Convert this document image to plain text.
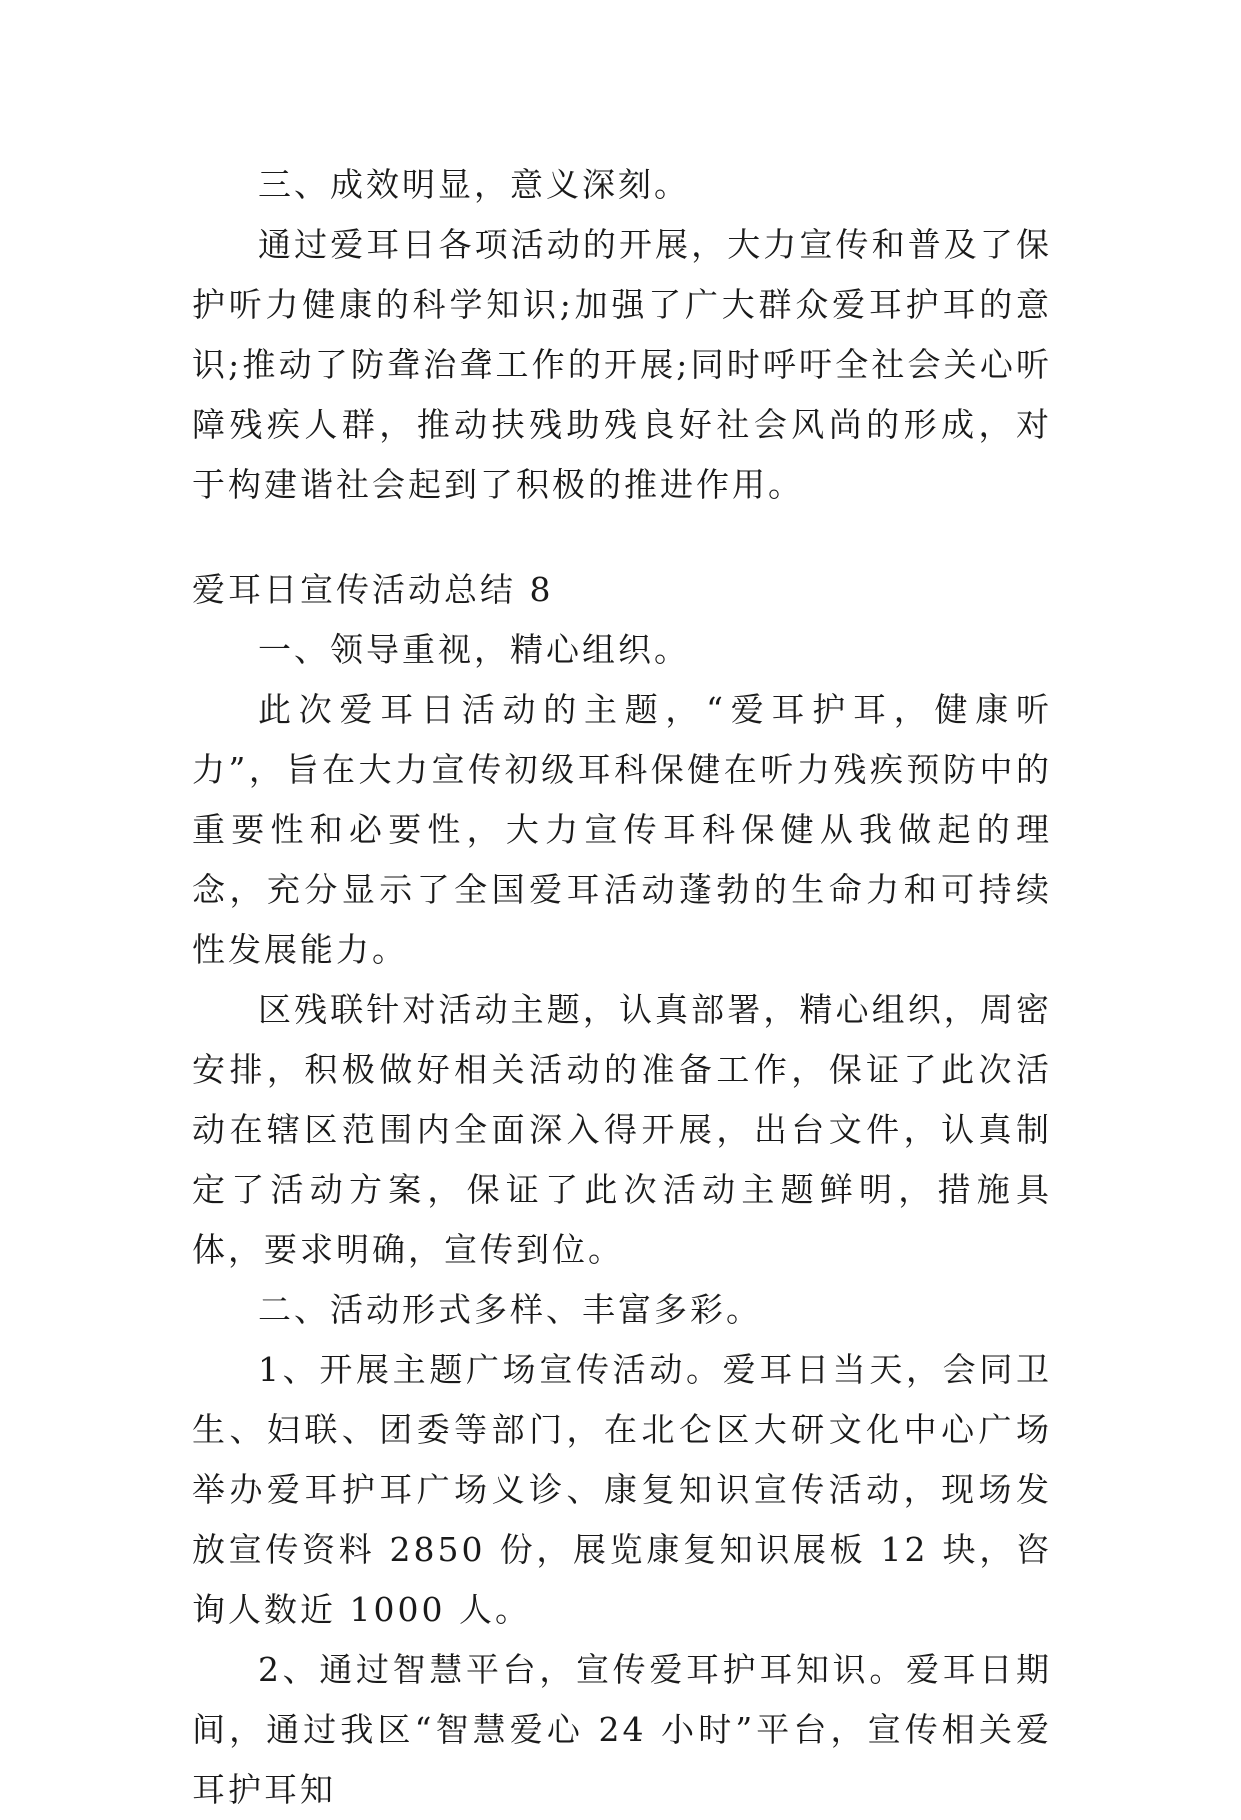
三、成效明显，意义深刻。

通过爱耳日各项活动的开展，大力宣传和普及了保护听力健康的科学知识;加强了广大群众爱耳护耳的意识;推动了防聋治聋工作的开展;同时呼吁全社会关心听障残疾人群，推动扶残助残良好社会风尚的形成，对于构建谐社会起到了积极的推进作用。

爱耳日宣传活动总结 8

一、领导重视，精心组织。

此次爱耳日活动的主题，“爱耳护耳，健康听力”，旨在大力宣传初级耳科保健在听力残疾预防中的重要性和必要性，大力宣传耳科保健从我做起的理念，充分显示了全国爱耳活动蓬勃的生命力和可持续性发展能力。

区残联针对活动主题，认真部署，精心组织，周密安排，积极做好相关活动的准备工作，保证了此次活动在辖区范围内全面深入得开展，出台文件，认真制定了活动方案，保证了此次活动主题鲜明，措施具体，要求明确，宣传到位。

二、活动形式多样、丰富多彩。

1、开展主题广场宣传活动。爱耳日当天，会同卫生、妇联、团委等部门，在北仑区大研文化中心广场举办爱耳护耳广场义诊、康复知识宣传活动，现场发放宣传资料 2850 份，展览康复知识展板 12 块，咨询人数近 1000 人。

2、通过智慧平台，宣传爱耳护耳知识。爱耳日期间，通过我区“智慧爱心 24 小时”平台，宣传相关爱耳护耳知
